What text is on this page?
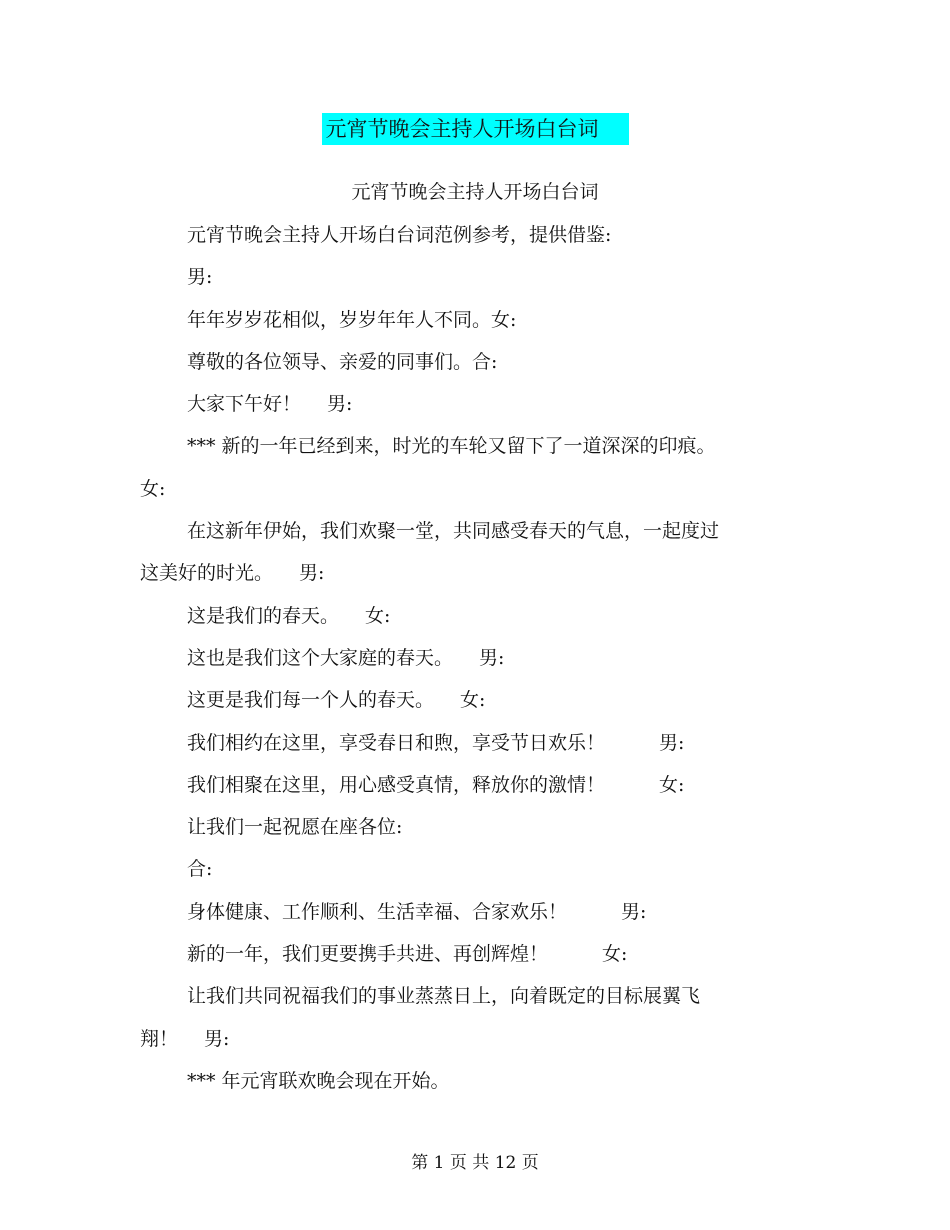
元宵节晚会主持人开场白台词
元宵节晚会主持人开场白台词
元宵节晚会主持人开场白台词范例参考，提供借鉴:
男:
年年岁岁花相似，岁岁年年人不同。女:
尊敬的各位领导、亲爱的同事们。合:
大家下午好！ 男:
*** 新的一年已经到来，时光的车轮又留下了一道深深的印痕。
女:
在这新年伊始，我们欢聚一堂，共同感受春天的气息，一起度过
这美好的时光。 男:
这是我们的春天。 女:
这也是我们这个大家庭的春天。 男:
这更是我们每一个人的春天。 女:
我们相约在这里，享受春日和煦，享受节日欢乐！	男:
我们相聚在这里，用心感受真情，释放你的激情！	女:
让我们一起祝愿在座各位:
合:
身体健康、工作顺利、生活幸福、合家欢乐！	男:
新的一年，我们更要携手共进、再创辉煌！	女:
让我们共同祝福我们的事业蒸蒸日上，向着既定的目标展翼飞
翔！ 男:
*** 年元宵联欢晚会现在开始。
第 1 页 共 12 页
